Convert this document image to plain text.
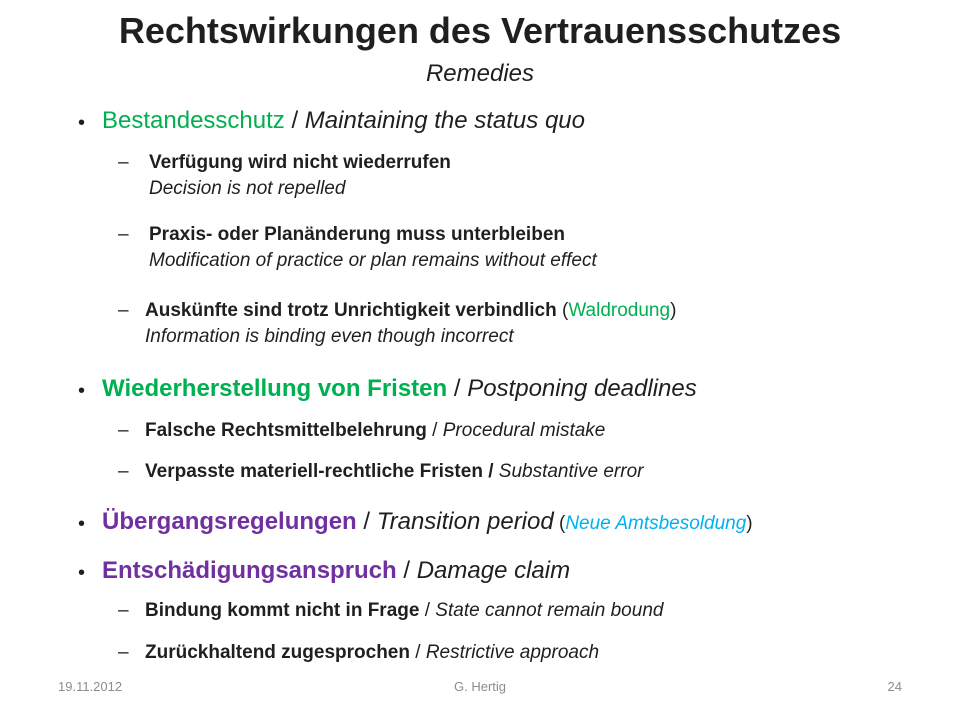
Rechtswirkungen des Vertrauensschutzes
Remedies
• Bestandesschutz / Maintaining the status quo
– Verfügung wird nicht wiederrufen
Decision is not repelled
– Praxis- oder Planänderung muss unterbleiben
Modification of practice or plan remains without effect
– Auskünfte sind trotz Unrichtigkeit verbindlich (Waldrodung)
Information is binding even though incorrect
• Wiederherstellung von Fristen / Postponing deadlines
– Falsche Rechtsmittelbelehrung / Procedural mistake
– Verpasste materiell-rechtliche Fristen / Substantive error
• Übergangsregelungen / Transition period (Neue Amtsbesoldung)
• Entschädigungsanspruch / Damage claim
– Bindung kommt nicht in Frage / State cannot remain bound
– Zurückhaltend zugesprochen / Restrictive approach
19.11.2012	G. Hertig	24
